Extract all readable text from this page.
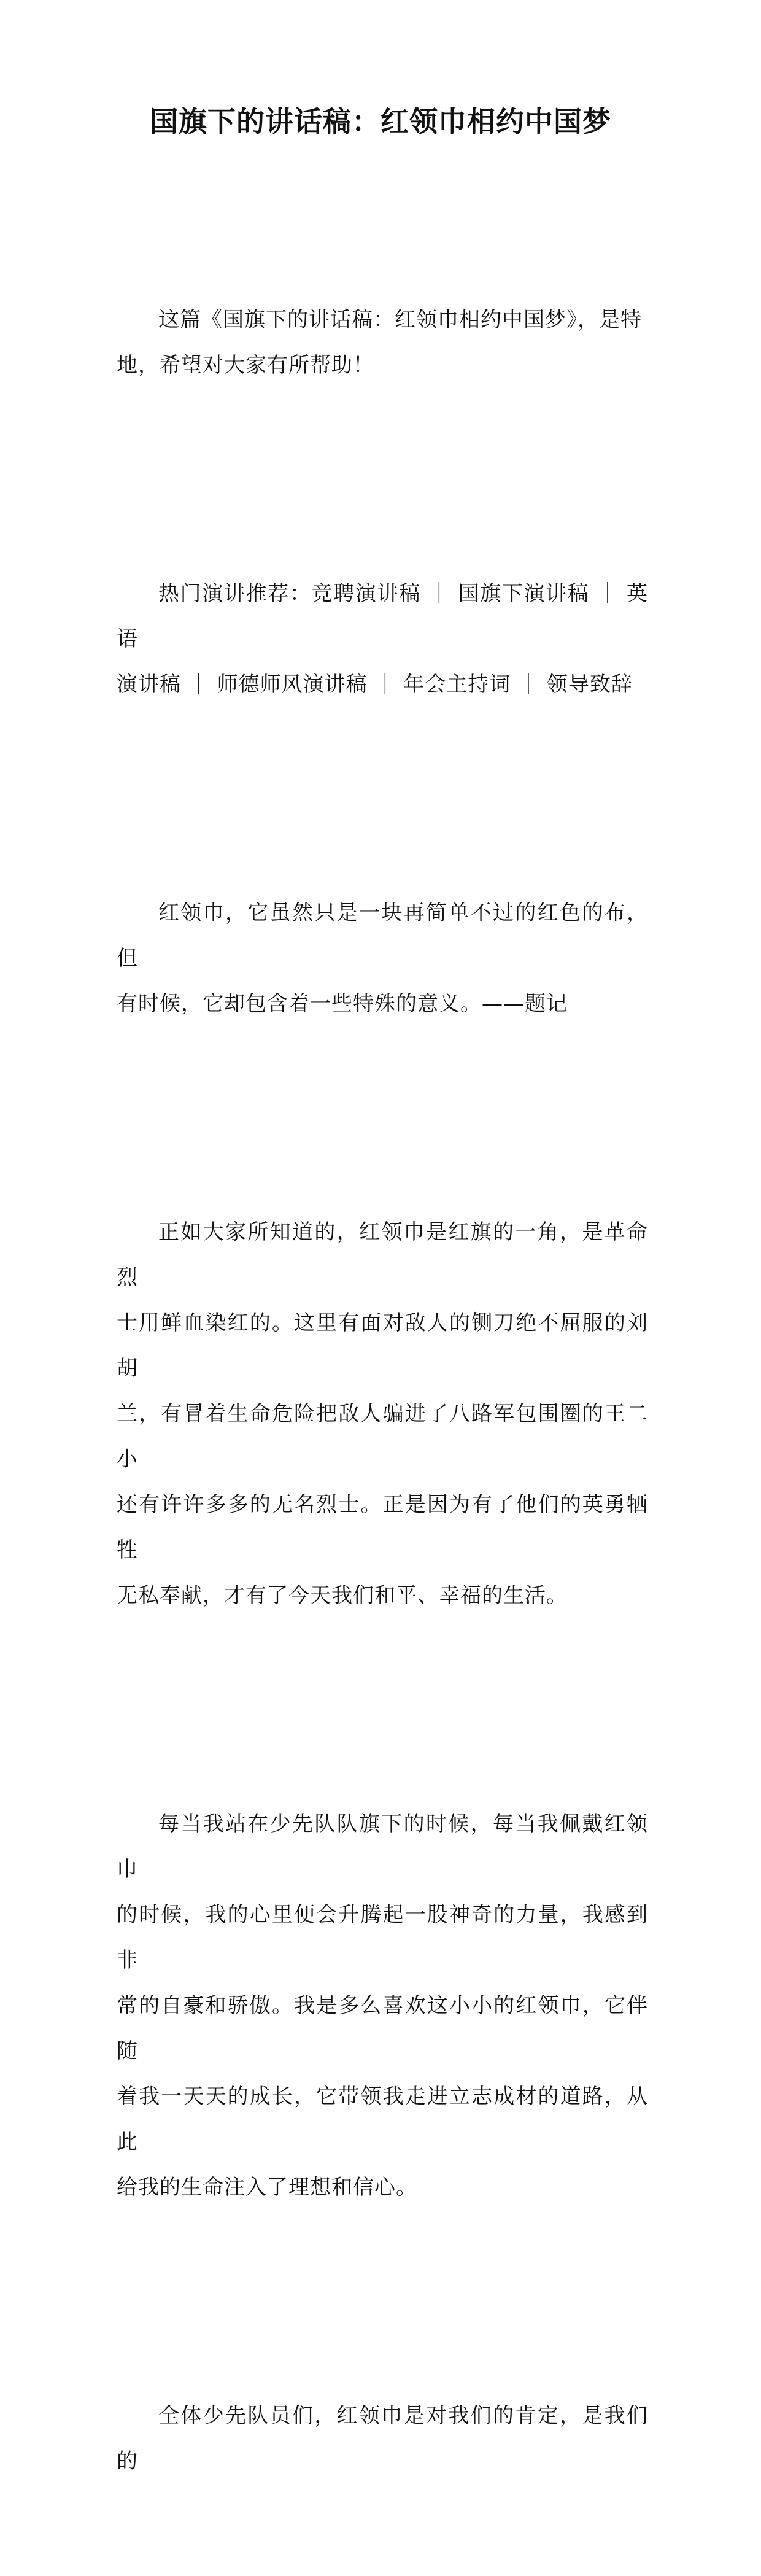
国旗下的讲话稿：红领巾相约中国梦

这篇《国旗下的讲话稿：红领巾相约中国梦》，是特
地，希望对大家有所帮助！

热门演讲推荐：竞聘演讲稿 ｜ 国旗下演讲稿 ｜ 英语
演讲稿 ｜ 师德师风演讲稿 ｜ 年会主持词 ｜ 领导致辞

红领巾，它虽然只是一块再简单不过的红色的布，但
有时候，它却包含着一些特殊的意义。——题记

正如大家所知道的，红领巾是红旗的一角，是革命烈
士用鲜血染红的。这里有面对敌人的铡刀绝不屈服的刘胡
兰，有冒着生命危险把敌人骗进了八路军包围圈的王二小
还有许许多多的无名烈士。正是因为有了他们的英勇牺牲
无私奉献，才有了今天我们和平、幸福的生活。

每当我站在少先队队旗下的时候，每当我佩戴红领巾
的时候，我的心里便会升腾起一股神奇的力量，我感到非
常的自豪和骄傲。我是多么喜欢这小小的红领巾，它伴随
着我一天天的成长，它带领我走进立志成材的道路，从此
给我的生命注入了理想和信心。

全体少先队员们，红领巾是对我们的肯定，是我们的
